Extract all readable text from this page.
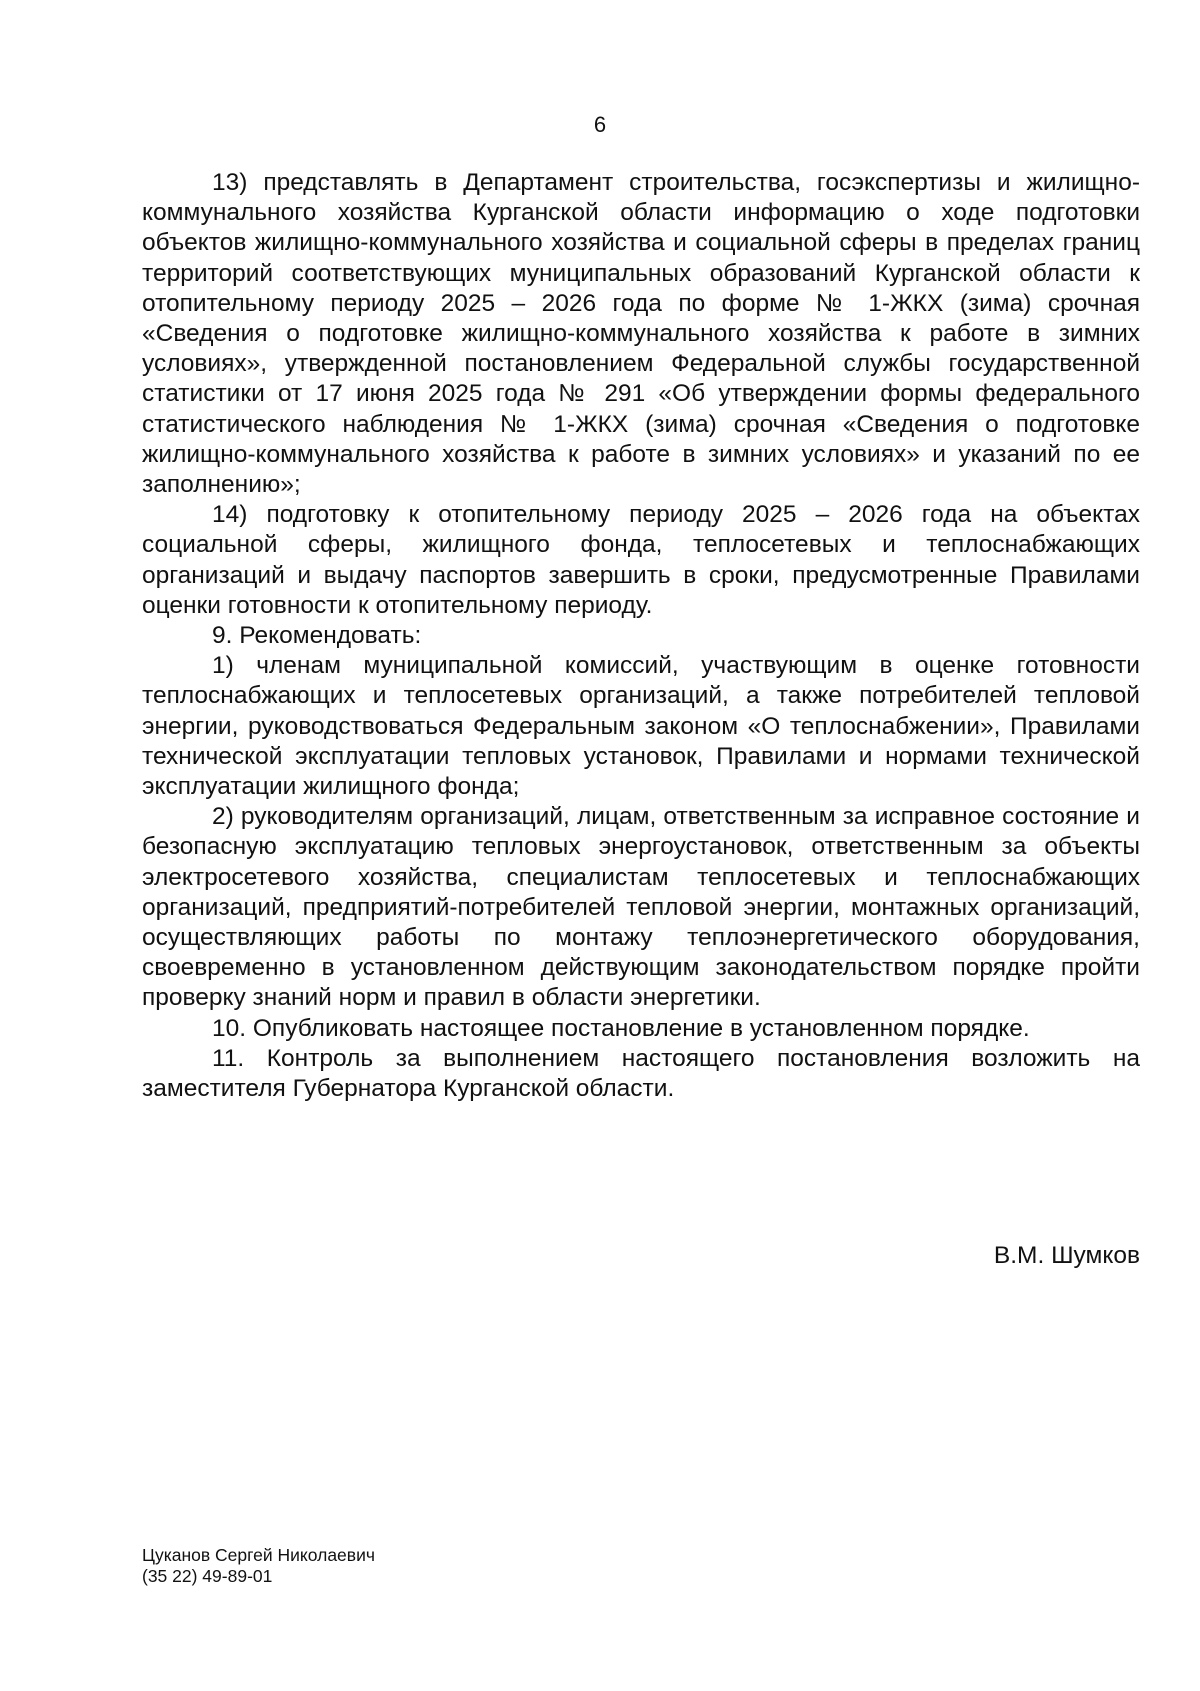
6

13) представлять в Департамент строительства, госэкспертизы и жилищно-коммунального хозяйства Курганской области информацию о ходе подготовки объектов жилищно-коммунального хозяйства и социальной сферы в пределах границ территорий соответствующих муниципальных образований Курганской области к отопительному периоду 2025 – 2026 года по форме № 1-ЖКХ (зима) срочная «Сведения о подготовке жилищно-коммунального хозяйства к работе в зимних условиях», утвержденной постановлением Федеральной службы государственной статистики от 17 июня 2025 года № 291 «Об утверждении формы федерального статистического наблюдения № 1-ЖКХ (зима) срочная «Сведения о подготовке жилищно-коммунального хозяйства к работе в зимних условиях» и указаний по ее заполнению»;

14) подготовку к отопительному периоду 2025 – 2026 года на объектах социальной сферы, жилищного фонда, теплосетевых и теплоснабжающих организаций и выдачу паспортов завершить в сроки, предусмотренные Правилами оценки готовности к отопительному периоду.

9. Рекомендовать:

1) членам муниципальной комиссий, участвующим в оценке готовности теплоснабжающих и теплосетевых организаций, а также потребителей тепловой энергии, руководствоваться Федеральным законом «О теплоснабжении», Правилами технической эксплуатации тепловых установок, Правилами и нормами технической эксплуатации жилищного фонда;

2) руководителям организаций, лицам, ответственным за исправное состояние и безопасную эксплуатацию тепловых энергоустановок, ответственным за объекты электросетевого хозяйства, специалистам теплосетевых и теплоснабжающих организаций, предприятий-потребителей тепловой энергии, монтажных организаций, осуществляющих работы по монтажу теплоэнергетического оборудования, своевременно в установленном действующим законодательством порядке пройти проверку знаний норм и правил в области энергетики.

10. Опубликовать настоящее постановление в установленном порядке.

11. Контроль за выполнением настоящего постановления возложить на заместителя Губернатора Курганской области.

В.М. Шумков
Цуканов Сергей Николаевич
(35 22) 49-89-01
